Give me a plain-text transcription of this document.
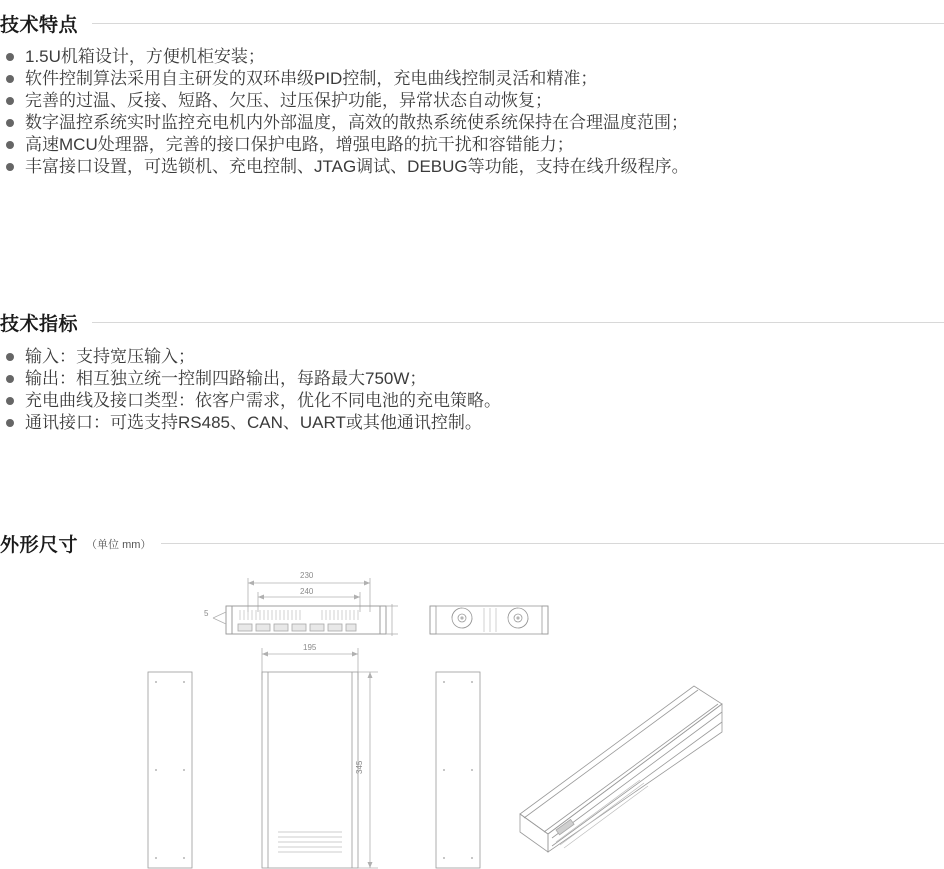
技术特点
1.5U机箱设计，方便机柜安装；
软件控制算法采用自主研发的双环串级PID控制，充电曲线控制灵活和精准；
完善的过温、反接、短路、欠压、过压保护功能，异常状态自动恢复；
数字温控系统实时监控充电机内外部温度，高效的散热系统使系统保持在合理温度范围；
高速MCU处理器，完善的接口保护电路，增强电路的抗干扰和容错能力；
丰富接口设置，可选锁机、充电控制、JTAG调试、DEBUG等功能，支持在线升级程序。
技术指标
输入：支持宽压输入；
输出：相互独立统一控制四路输出，每路最大750W；
充电曲线及接口类型：依客户需求，优化不同电池的充电策略。
通讯接口：可选支持RS485、CAN、UART或其他通讯控制。
外形尺寸 （单位 mm）
230
240
5
195
345
